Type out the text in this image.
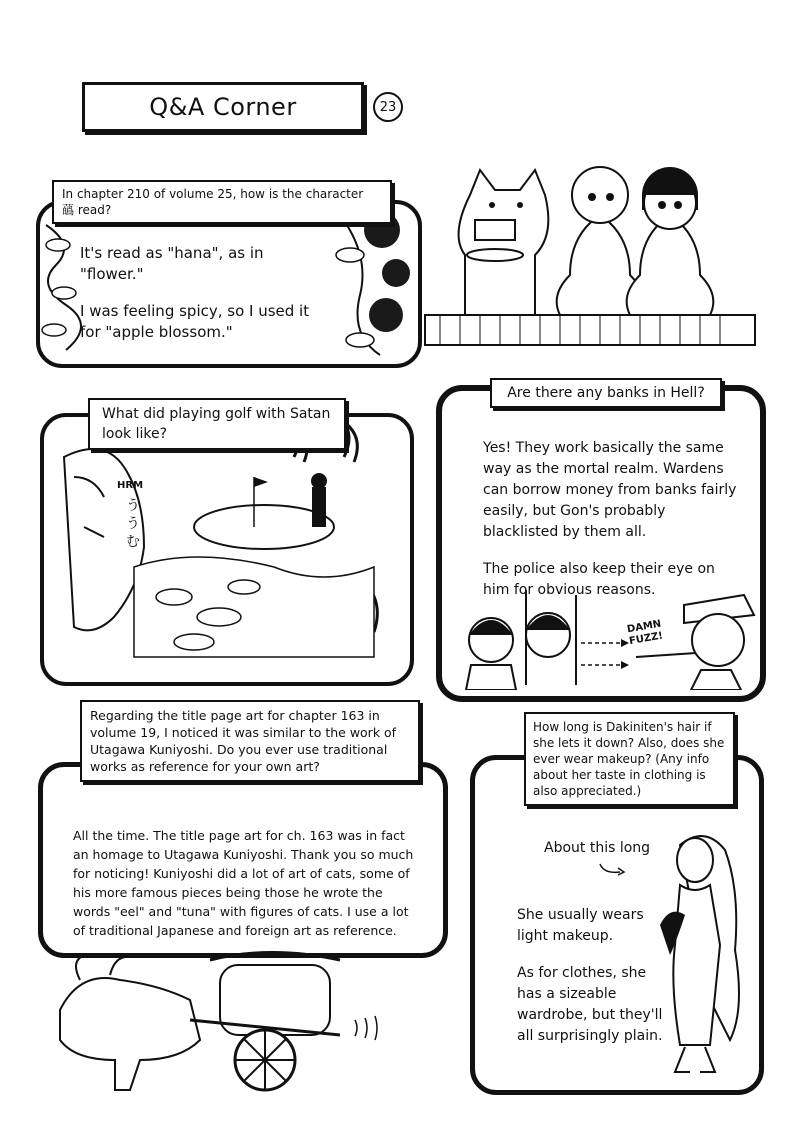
Q&A Corner	23
In chapter 210 of volume 25, how is the character
蘤 read?

It's read as "hana", as in "flower."

I was feeling spicy, so I used it for "apple blossom."

What did playing golf with Satan look like?
HRM
うう む
Are there any banks in Hell?

Yes! They work basically the same way as the mortal realm. Wardens can borrow money from banks fairly easily, but Gon's probably blacklisted by them all.

The police also keep their eye on him for obvious reasons.

DAMN FUZZ!
Regarding the title page art for chapter 163 in volume 19, I noticed it was similar to the work of Utagawa Kuniyoshi. Do you ever use traditional works as reference for your own art?
All the time. The title page art for ch. 163 was in fact an homage to Utagawa Kuniyoshi. Thank you so much for noticing! Kuniyoshi did a lot of art of cats, some of his more famous pieces being those he wrote the words "eel" and "tuna" with figures of cats. I use a lot of traditional Japanese and foreign art as reference.
How long is Dakiniten's hair if she lets it down? Also, does she ever wear makeup? (Any info about her taste in clothing is also appreciated.)
About this long

She usually wears light makeup.

As for clothes, she has a sizeable wardrobe, but they'll all surprisingly plain.
